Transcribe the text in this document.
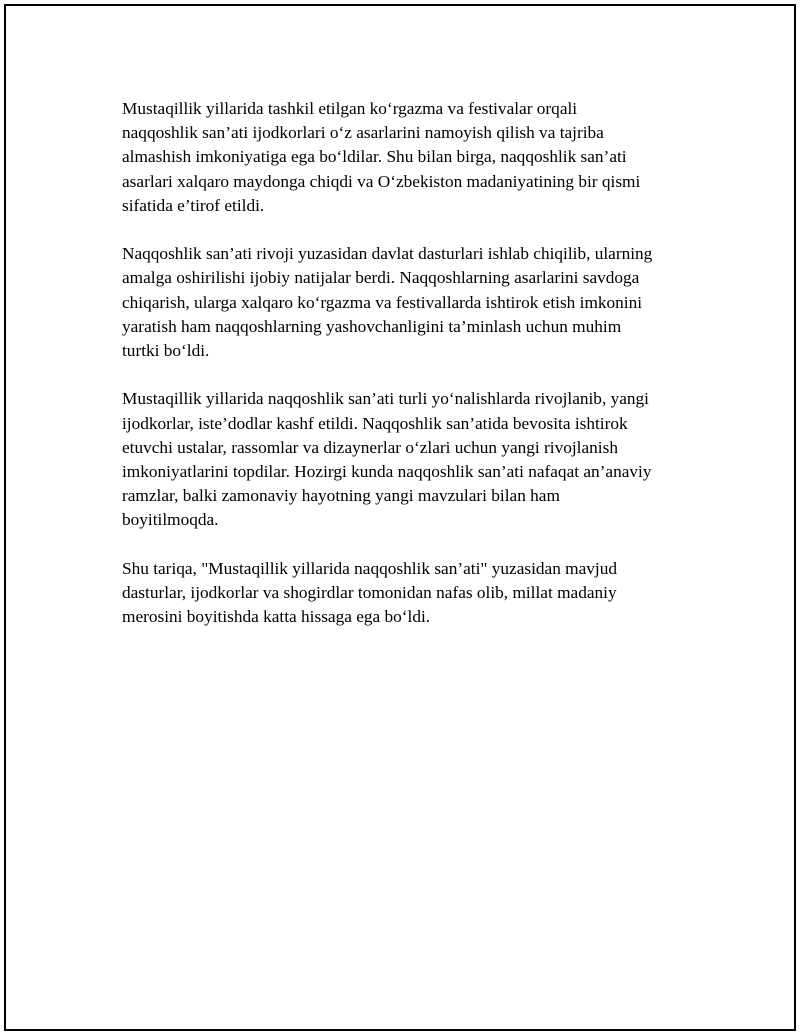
Mustaqillik yillarida tashkil etilgan koʻrgazma va festivalar orqali
naqqoshlik san’ati ijodkorlari oʻz asarlarini namoyish qilish va tajriba
almashish imkoniyatiga ega boʻldilar. Shu bilan birga, naqqoshlik san’ati
asarlari xalqaro maydonga chiqdi va Oʻzbekiston madaniyatining bir qismi
sifatida e’tirof etildi.

Naqqoshlik san’ati rivoji yuzasidan davlat dasturlari ishlab chiqilib, ularning
amalga oshirilishi ijobiy natijalar berdi. Naqqoshlarning asarlarini savdoga
chiqarish, ularga xalqaro koʻrgazma va festivallarda ishtirok etish imkonini
yaratish ham naqqoshlarning yashovchanligini ta’minlash uchun muhim
turtki boʻldi.

Mustaqillik yillarida naqqoshlik san’ati turli yoʻnalishlarda rivojlanib, yangi
ijodkorlar, iste’dodlar kashf etildi. Naqqoshlik san’atida bevosita ishtirok
etuvchi ustalar, rassomlar va dizaynerlar oʻzlari uchun yangi rivojlanish
imkoniyatlarini topdilar. Hozirgi kunda naqqoshlik san’ati nafaqat an’anaviy
ramzlar, balki zamonaviy hayotning yangi mavzulari bilan ham
boyitilmoqda.

Shu tariqa, "Mustaqillik yillarida naqqoshlik san’ati" yuzasidan mavjud
dasturlar, ijodkorlar va shogirdlar tomonidan nafas olib, millat madaniy
merosini boyitishda katta hissaga ega boʻldi.
